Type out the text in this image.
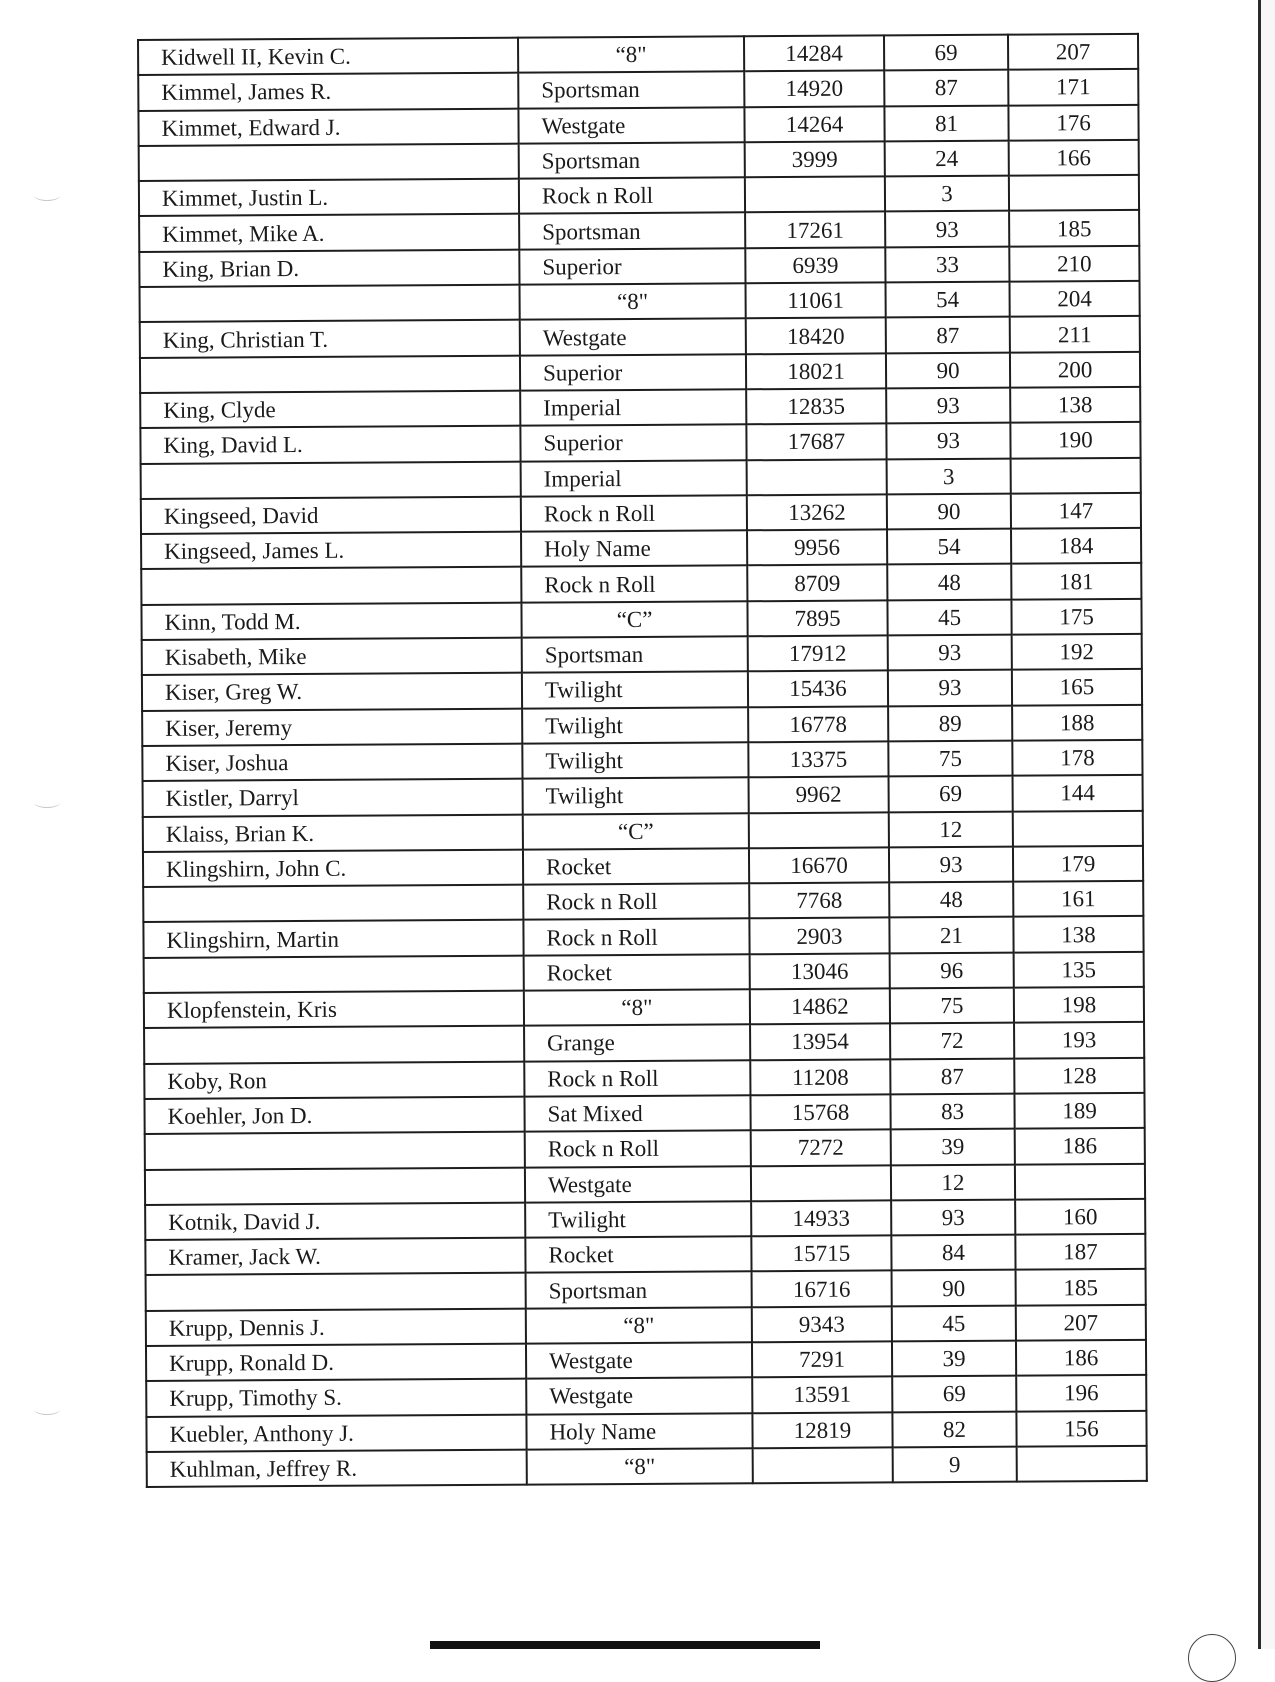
Kidwell II, Kevin C.	“8"	14284	69	207
Kimmel, James R.	Sportsman	14920	87	171
Kimmet, Edward J.	Westgate	14264	81	176
	Sportsman	3999	24	166
Kimmet, Justin L.	Rock n Roll		3	
Kimmet, Mike A.	Sportsman	17261	93	185
King, Brian D.	Superior	6939	33	210
	“8"	11061	54	204
King, Christian T.	Westgate	18420	87	211
	Superior	18021	90	200
King, Clyde	Imperial	12835	93	138
King, David L.	Superior	17687	93	190
	Imperial		3	
Kingseed, David	Rock n Roll	13262	90	147
Kingseed, James L.	Holy Name	9956	54	184
	Rock n Roll	8709	48	181
Kinn, Todd M.	“C”	7895	45	175
Kisabeth, Mike	Sportsman	17912	93	192
Kiser, Greg W.	Twilight	15436	93	165
Kiser, Jeremy	Twilight	16778	89	188
Kiser, Joshua	Twilight	13375	75	178
Kistler, Darryl	Twilight	9962	69	144
Klaiss, Brian K.	“C”		12	
Klingshirn, John C.	Rocket	16670	93	179
	Rock n Roll	7768	48	161
Klingshirn, Martin	Rock n Roll	2903	21	138
	Rocket	13046	96	135
Klopfenstein, Kris	“8"	14862	75	198
	Grange	13954	72	193
Koby, Ron	Rock n Roll	11208	87	128
Koehler, Jon D.	Sat Mixed	15768	83	189
	Rock n Roll	7272	39	186
	Westgate		12	
Kotnik, David J.	Twilight	14933	93	160
Kramer, Jack W.	Rocket	15715	84	187
	Sportsman	16716	90	185
Krupp, Dennis J.	“8"	9343	45	207
Krupp, Ronald D.	Westgate	7291	39	186
Krupp, Timothy S.	Westgate	13591	69	196
Kuebler, Anthony J.	Holy Name	12819	82	156
Kuhlman, Jeffrey R.	“8"		9	
